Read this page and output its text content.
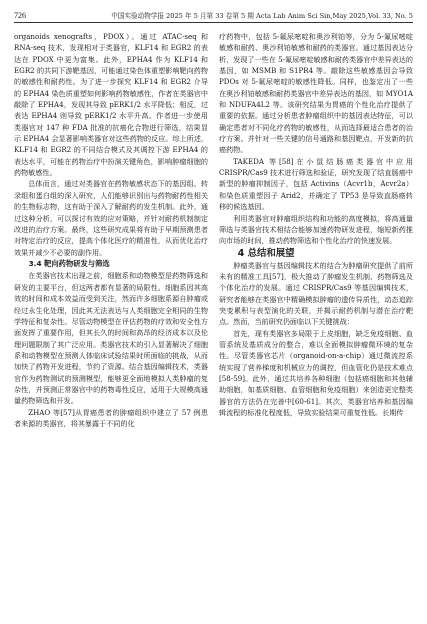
726	中国实验动物学报 2025 年 5 月第 33 卷第 5 期 Acta Lab Anim Sci Sin,May 2025,Vol. 33, No. 5

organoids xenografts，PDOX）。通过 ATAC-seq 和 RNA-seq 技术，发现相对于类器官，KLF14 和 EGR2 的表达在 PDOX 中更为富集。此外，EPHA4 作为 KLF14 和 EGR2 的共同下游靶基因，可能通过染色体重塑影响靶向药物的敏感性和耐药性。为了进一步探究 KLF14 和 EGR2 介导的 EPHA4 染色质重塑如何影响药物敏感性，作者在类器官中敲除了 EPHA4，发现其导致 pERK1/2 水平降低；相反，过表达 EPHA4 则导致 pERK1/2 水平升高。作者进一步使用类器官对 147 种 FDA 批准的抗癌化合物进行筛选，结果显示 EPHA4 会显著影响类器官对这些药物的反应。综上所述，KLF14 和 EGR2 的不同结合模式及其调控下游 EPHA4 的表达水平，可能在药物治疗中扮演关键角色，影响肿瘤细胞的药物敏感性。

总体而言，通过对类器官在药物敏感状态下的基因组、转录组和蛋白组的深入研究，人们能够识别出与药物耐药性相关的生物标志物，这有助于深入了解耐药的发生机制。此外，通过这种分析，可以探讨有效的应对策略，并针对耐药机制制定改进的治疗方案。最终，这些研究成果将有助于早期预测患者对特定治疗的反应，提高个体化医疗的精准性，从而优化治疗效果并减少不必要的副作用。

3.4 靶向药物研发与筛选

在类器官技术出现之前，细胞系和动物模型是药物筛选和研发的主要平台，但这两者都有显著的局限性。细胞系因其高效的时间和成本效益而受到关注，然而许多细胞系源自肿瘤或经过永生化处理，因此其无法表达与人类细胞完全相同的生物学特征和复杂性。尽管动物模型在评估药物的疗效和安全性方面发挥了重要作用，但其长久的时间和高昂的经济成本以及伦理问题限制了其广泛应用。类器官技术的引入显著解决了细胞系和动物模型在预测人体临床试验结果时所面临的挑战，从而加快了药物开发进程，节约了资源。结合基因编辑技术，类器官作为药物测试的预测模型，能够更全面地模拟人类肿瘤的复杂性，并预测正常器官中的药物毒性反应，适用于大规模高通量药物筛选和开发。

ZHAO 等[57]从胃癌患者的肿瘤组织中建立了 57 例患者来源的类器官，将其暴露于不同的化

疗药物中，包括 5-氟尿嘧啶和奥沙利铂等，分为 5-氟尿嘧啶敏感和耐药、奥沙利铂敏感和耐药的类器官。通过基因表达分析，发现了一些在 5-氟尿嘧啶敏感和耐药类器官中差异表达的基因，如 MSMB 和 S1PR4 等。敲除这些敏感基因会导致 PDOs 对 5-氟尿嘧啶的敏感性降低。同样，也鉴定出了一些在奥沙利铂敏感和耐药类器官中差异表达的基因，如 MYO1A 和 NDUFA4L2 等。该研究结果为胃癌的个性化治疗提供了重要的依据。通过分析患者肿瘤组织中的基因表达特征，可以确定患者对不同化疗药物的敏感性，从而选择最适合患者的治疗方案。并针对一些关键的信号通路和基因靶点，开发新的抗癌药物。

TAKEDA 等[58]在小鼠结肠癌类器官中应用 CRISPR/Cas9 技术进行筛选和验证，研究发现了结直肠癌中新型的肿瘤抑制因子，包括 Activins（Acvr1b，Acvr2a）和染色质重塑因子 Arid2，并确定了 TP53 是导致直肠癌转移的候选基因。

利用类器官对肿瘤组织结构和功能的高度模拟，将高通量筛选与类器官技术相结合能够加速药物研发进程，缩短新药推向市场的时间，推动药物筛选和个性化治疗的快速发展。

4 总结和展望

肿瘤类器官与基因编辑技术的结合为肿瘤研究提供了前所未有的精准工具[57]，极大推动了肿瘤发生机制、药物筛选及个体化治疗的发展。通过 CRISPR/Cas9 等基因编辑技术，研究者能够在类器官中精确模拟肿瘤的遗传异质性，动态追踪突变累积与表型演化的关联，并揭示耐药机制与潜在治疗靶点。然而，当前研究仍面临以下关键挑战：

首先，现有类器官多局限于上皮细胞，缺乏免疫细胞、血管系统及基质成分的整合，难以全面模拟肿瘤微环境的复杂性。尽管类器官芯片（organoid-on-a-chip）通过微流控系统实现了营养梯度和机械应力的调控，但血管化仍是技术难点[58-59]。此外，通过共培养各种细胞（包括癌细胞和其他辅助细胞，如基质细胞、血管细胞和免疫细胞）来创造更完整类器官的方法仍在完善中[60-61]。其次，类器官培养和基因编辑流程的标准化程度低，导致实验结果可重复性低。长期传
